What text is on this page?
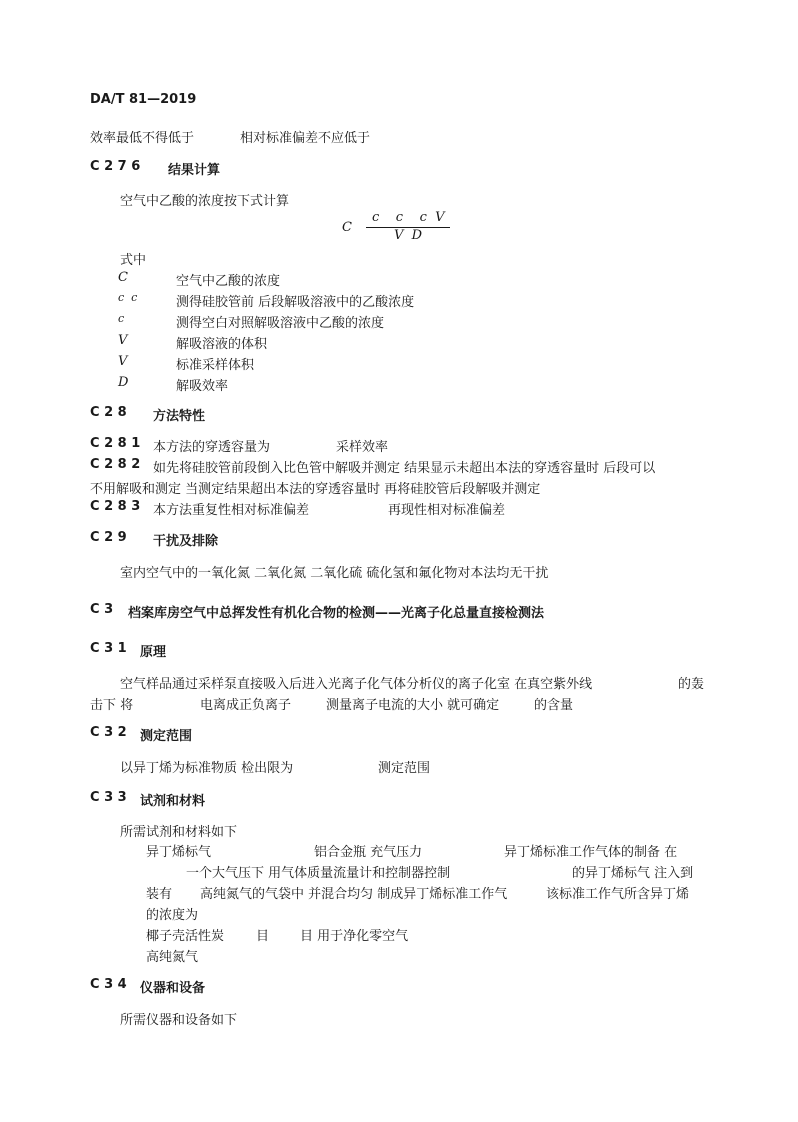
DA/T 81—2019
效率最低不得低于	相对标准偏差不应低于
C 2 7 6 结果计算
空气中乙酸的浓度按下式计算
C
c    c    c  V
V  D
式中
C	空气中乙酸的浓度
c  c	测得硅胶管前 后段解吸溶液中的乙酸浓度
c	测得空白对照解吸溶液中乙酸的浓度
V	解吸溶液的体积
V	标准采样体积
D	解吸效率
C 2 8 方法特性
C 2 8 1 本方法的穿透容量为	采样效率
C 2 8 2 如先将硅胶管前段倒入比色管中解吸并测定 结果显示未超出本法的穿透容量时 后段可以
不用解吸和测定 当测定结果超出本法的穿透容量时 再将硅胶管后段解吸并测定
C 2 8 3 本方法重复性相对标准偏差	再现性相对标准偏差
C 2 9 干扰及排除
室内空气中的一氧化氮 二氧化氮 二氧化硫 硫化氢和氟化物对本法均无干扰
C 3 档案库房空气中总挥发性有机化合物的检测——光离子化总量直接检测法
C 3 1 原理
空气样品通过采样泵直接吸入后进入光离子化气体分析仪的离子化室 在真空紫外线	的轰
击下 将	电离成正负离子	测量离子电流的大小 就可确定	的含量
C 3 2 测定范围
以异丁烯为标准物质 检出限为	测定范围
C 3 3 试剂和材料
所需试剂和材料如下
异丁烯标气	铝合金瓶 充气压力	异丁烯标准工作气体的制备 在
一个大气压下 用气体质量流量计和控制器控制	的异丁烯标气 注入到
装有 高纯氮气的气袋中 并混合均匀 制成异丁烯标准工作气	该标准工作气所含异丁烯
的浓度为
椰子壳活性炭 目 目 用于净化零空气
高纯氮气
C 3 4 仪器和设备
所需仪器和设备如下
